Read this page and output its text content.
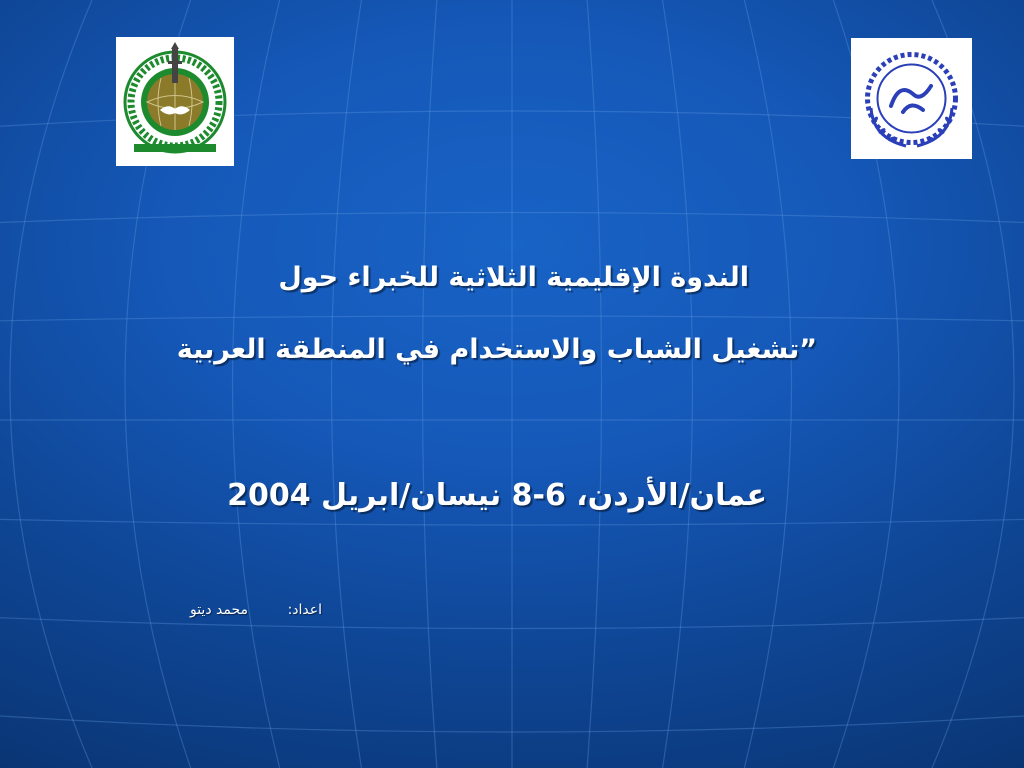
الندوة الإقليمية الثلاثية للخبراء حول
”تشغيل الشباب والاستخدام في المنطقة العربية
عمان/الأردن، 6-8 نيسان/ابريل 2004
اعداد:
محمد ديتو
